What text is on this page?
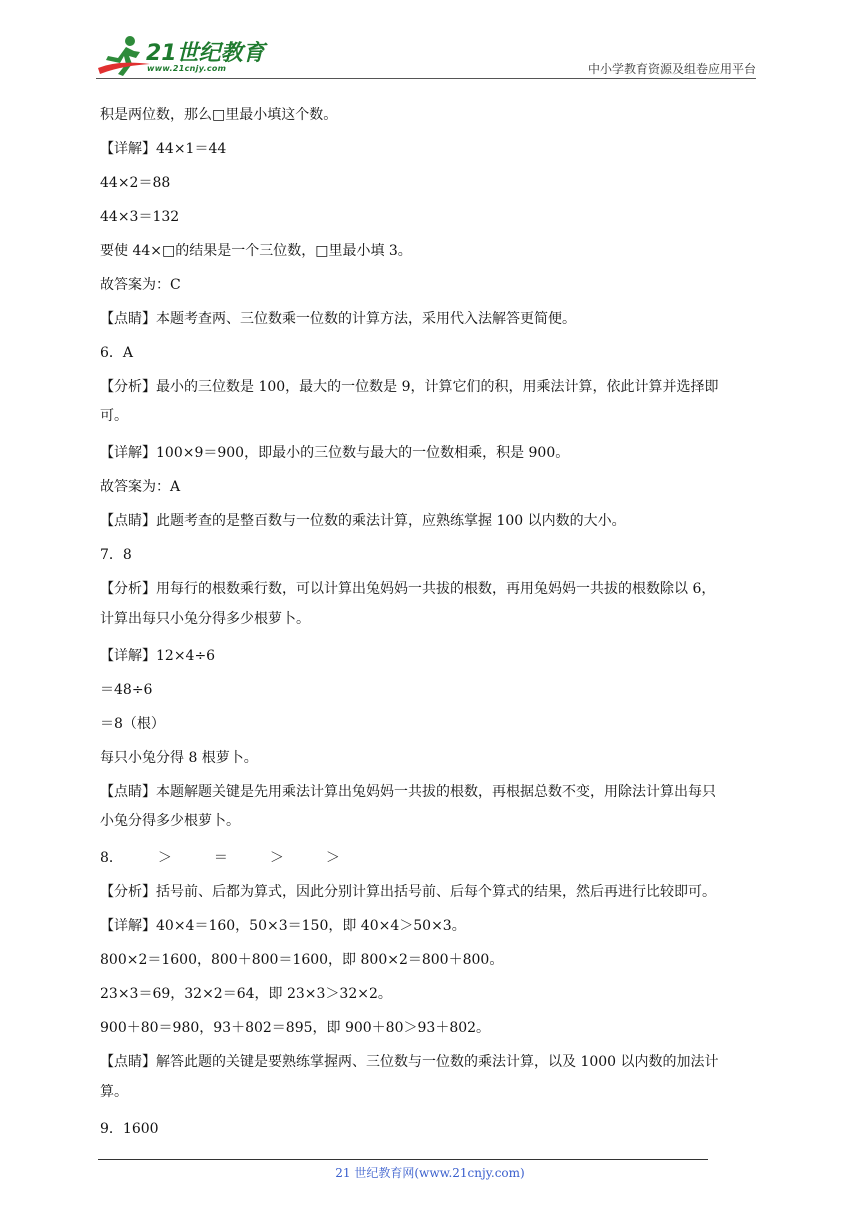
21世纪教育
www.21cnjy.com	中小学教育资源及组卷应用平台
积是两位数，那么□里最小填这个数。
【详解】44×1＝44
44×2＝88
44×3＝132
要使 44×□的结果是一个三位数，□里最小填 3。
故答案为：C
【点睛】本题考查两、三位数乘一位数的计算方法，采用代入法解答更简便。
6．A
【分析】最小的三位数是 100，最大的一位数是 9，计算它们的积，用乘法计算，依此计算并选择即
可。
【详解】100×9＝900，即最小的三位数与最大的一位数相乘，积是 900。
故答案为：A
【点睛】此题考查的是整百数与一位数的乘法计算，应熟练掌握 100 以内数的大小。
7．8
【分析】用每行的根数乘行数，可以计算出兔妈妈一共拔的根数，再用兔妈妈一共拔的根数除以 6，
计算出每只小兔分得多少根萝卜。
【详解】12×4÷6
＝48÷6
＝8（根）
每只小兔分得 8 根萝卜。
【点睛】本题解题关键是先用乘法计算出兔妈妈一共拔的根数，再根据总数不变，用除法计算出每只
小兔分得多少根萝卜。
8．　　　＞　　　＝　　　＞　　　＞
【分析】括号前、后都为算式，因此分别计算出括号前、后每个算式的结果，然后再进行比较即可。
【详解】40×4＝160，50×3＝150，即 40×4＞50×3。
800×2＝1600，800＋800＝1600，即 800×2＝800＋800。
23×3＝69，32×2＝64，即 23×3＞32×2。
900＋80＝980，93＋802＝895，即 900＋80＞93＋802。
【点睛】解答此题的关键是要熟练掌握两、三位数与一位数的乘法计算，以及 1000 以内数的加法计
算。
9．1600
21 世纪教育网(www.21cnjy.com)
